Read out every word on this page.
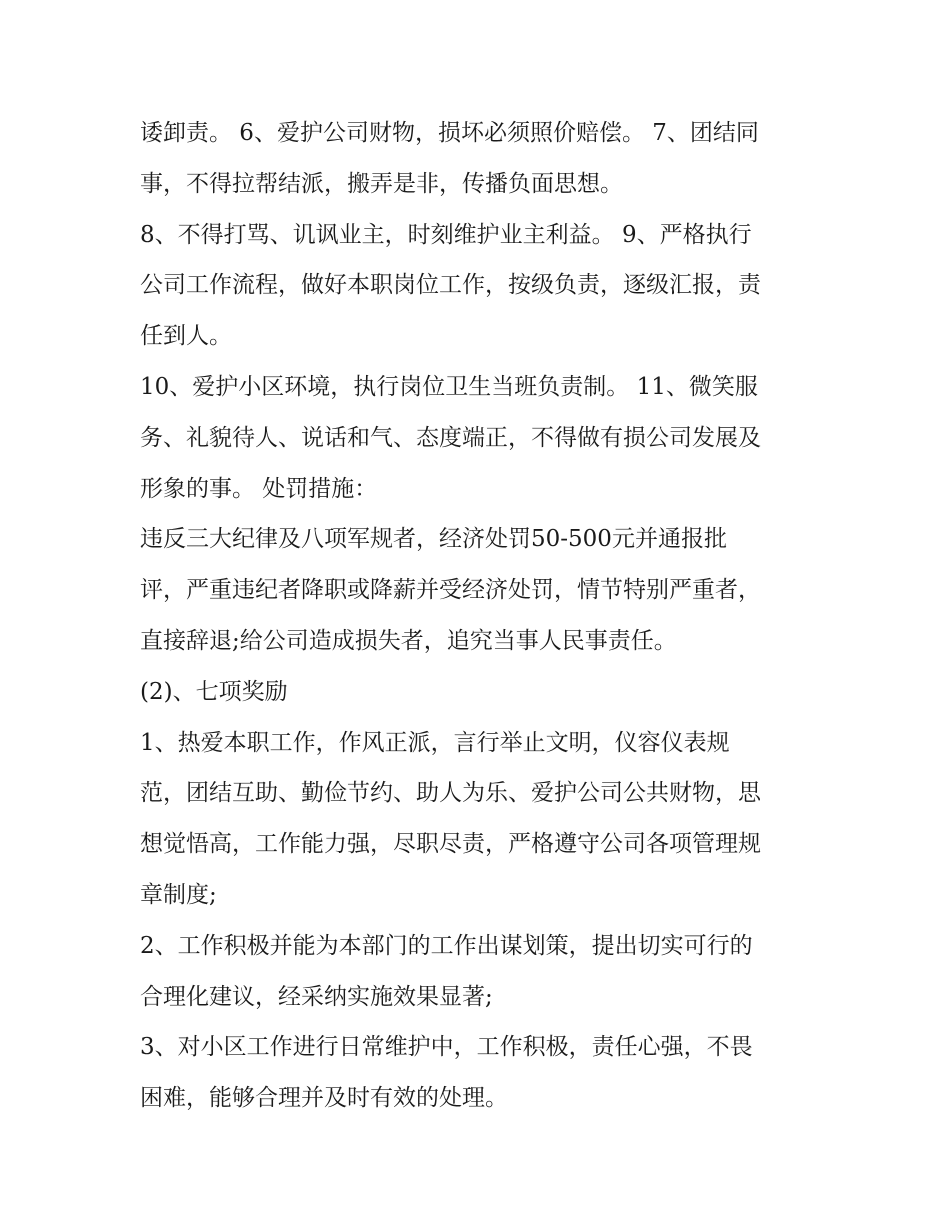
诿卸责。 6、爱护公司财物，损坏必须照价赔偿。 7、团结同
事，不得拉帮结派，搬弄是非，传播负面思想。
8、不得打骂、讥讽业主，时刻维护业主利益。 9、严格执行
公司工作流程，做好本职岗位工作，按级负责，逐级汇报，责
任到人。
10、爱护小区环境，执行岗位卫生当班负责制。 11、微笑服
务、礼貌待人、说话和气、态度端正，不得做有损公司发展及
形象的事。 处罚措施：
违反三大纪律及八项军规者，经济处罚50-500元并通报批
评，严重违纪者降职或降薪并受经济处罚，情节特别严重者，
直接辞退;给公司造成损失者，追究当事人民事责任。
(2)、七项奖励
1、热爱本职工作，作风正派，言行举止文明，仪容仪表规
范，团结互助、勤俭节约、助人为乐、爱护公司公共财物，思
想觉悟高，工作能力强，尽职尽责，严格遵守公司各项管理规
章制度;
2、工作积极并能为本部门的工作出谋划策，提出切实可行的
合理化建议，经采纳实施效果显著;
3、对小区工作进行日常维护中，工作积极，责任心强，不畏
困难，能够合理并及时有效的处理。
